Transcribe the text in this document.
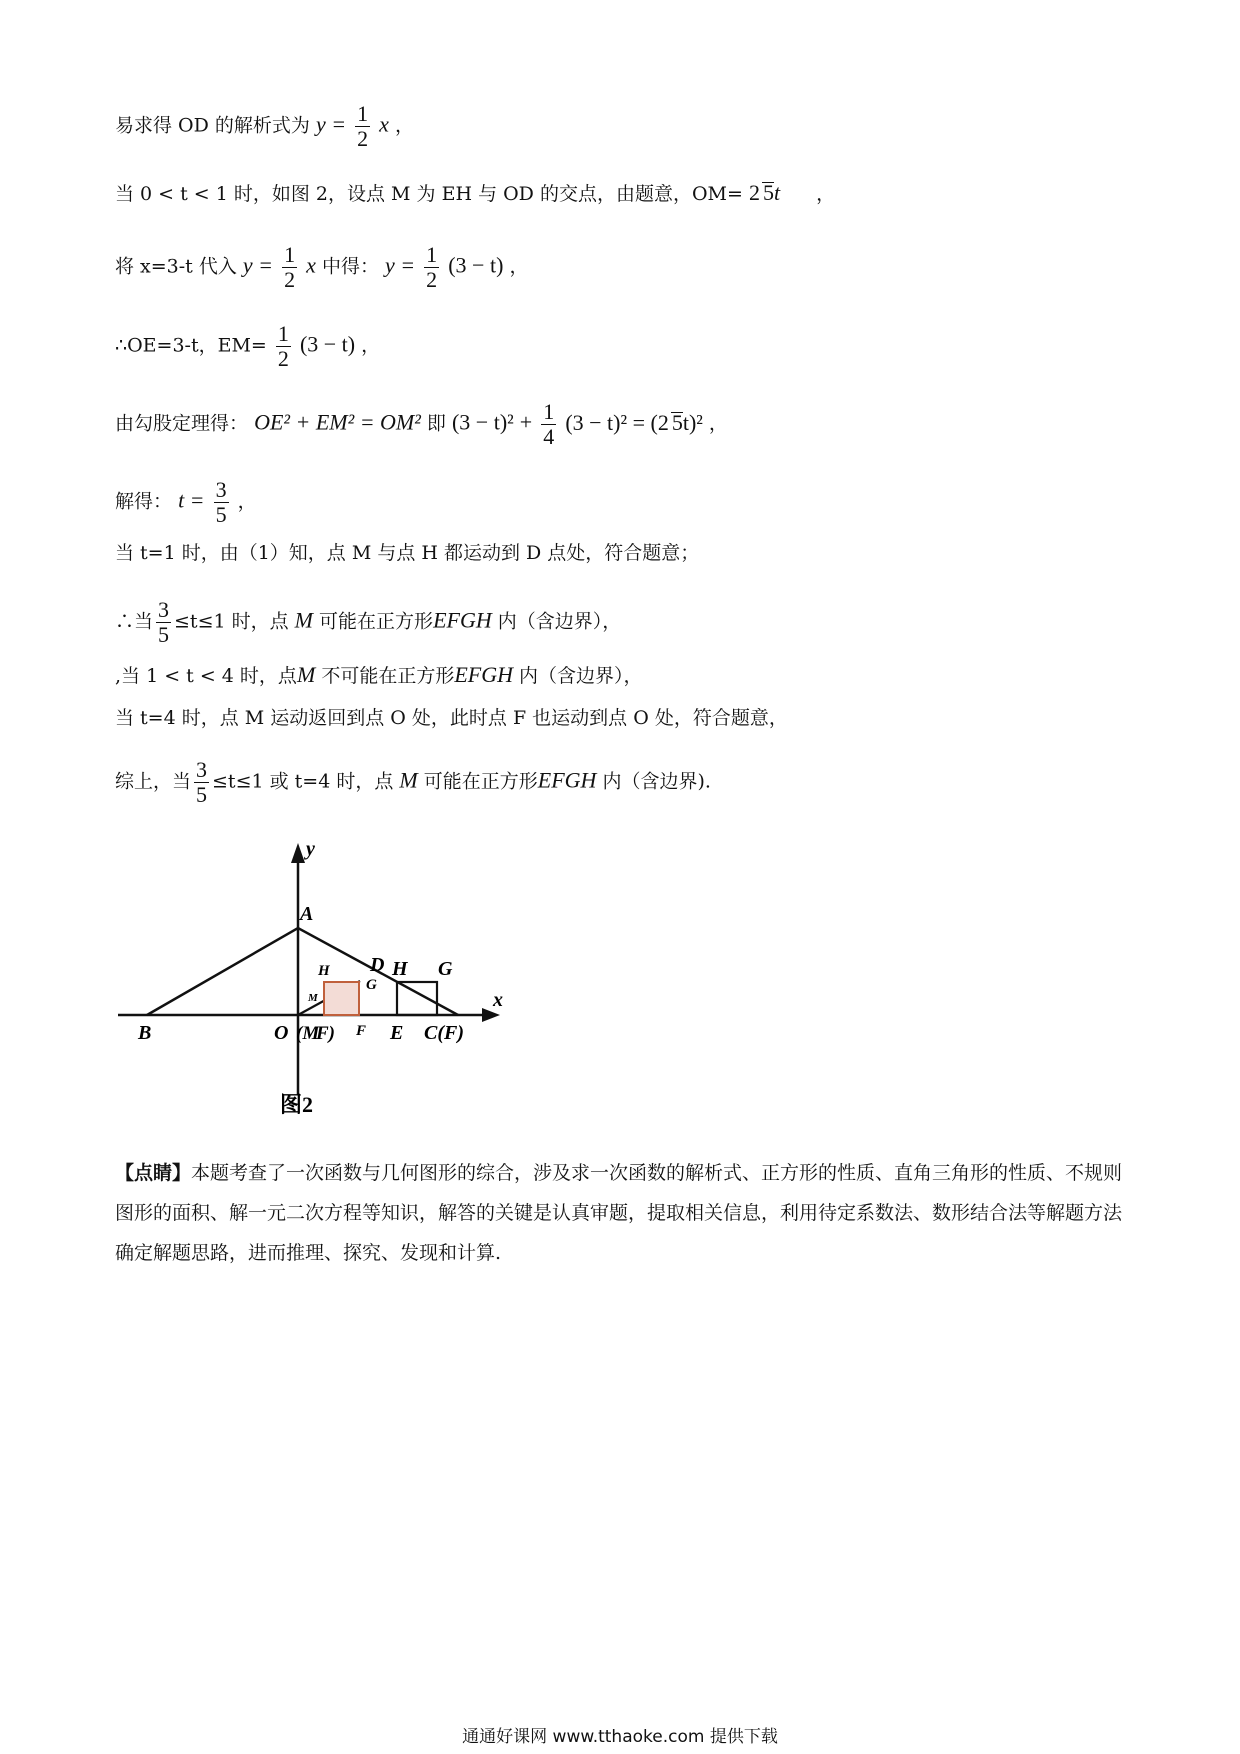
易求得 OD 的解析式为 $y = \frac{1}{2}$ x ，
当 0 < t < 1 时，如图 2，设点 M 为 EH 与 OD 的交点，由题意，OM= 2 5t ，
将 x=3-t 代入 $y = \frac{1}{2}$ x 中得： $y = \frac{1}{2} (3 - t)$ ，
∴OE=3-t，$EM= \frac{1}{2} (3 - t)$ ，
由勾股定理得： OE² + EM² = OM² 即 $(3 - t)^2 + \frac{1}{4} (3 - t)^2 = (2$ 5t)² ，
解得： $t = \frac{3}{5}$ ，
当 t=1 时，由（1）知，点 M 与点 H 都运动到 D 点处，符合题意；
∴当 $\frac{3}{5} \le t\le 1$ 时，点 M 可能在正方形EFGH 内（含边界），
,当 1 < t < 4 时，点M 不可能在正方形EFGH 内（含边界），
当 t=4 时，点 M 运动返回到点 O 处，此时点 F 也运动到点 O 处，符合题意，
综上，当 $\frac{3}{5} \le t\le 1$ 或 t=4 时，点 M 可能在正方形EFGH 内（含边界).
y
x
A
B	O (M
F)
D
H
G
M
F E C(F)
H G
图2
【点睛】本题考查了一次函数与几何图形的综合，涉及求一次函数的解析式、正方形的性质、直角三角形的性质、不规则图形的面积、解一元二次方程等知识，解答的关键是认真审题，提取相关信息，利用待定系数法、数形结合法等解题方法确定解题思路，进而推理、探究、发现和计算.
通通好课网 www.tthaoke.com 提供下载
